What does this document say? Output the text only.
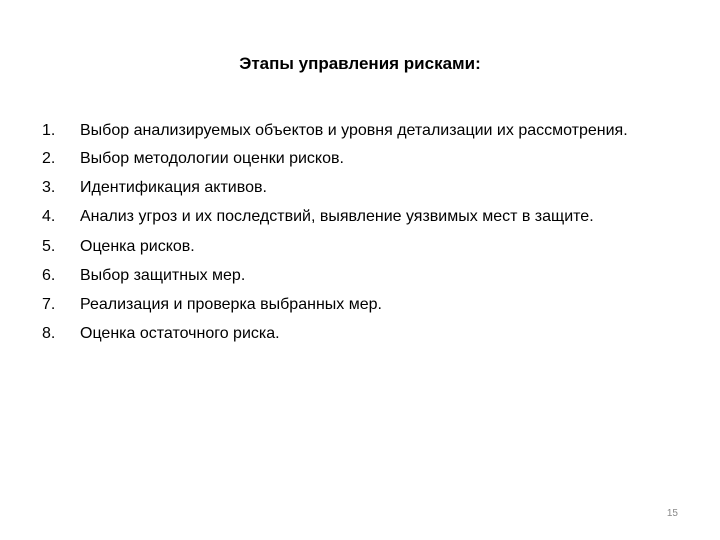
Этапы управления рисками:
1.	Выбор анализируемых объектов и уровня детализации их рассмотрения.
2.	Выбор методологии оценки рисков.
3.	Идентификация активов.
4.	Анализ угроз и их последствий, выявление уязвимых мест в защите.
5.	Оценка рисков.
6.	Выбор защитных мер.
7.	Реализация и проверка выбранных мер.
8.	Оценка остаточного риска.
15
